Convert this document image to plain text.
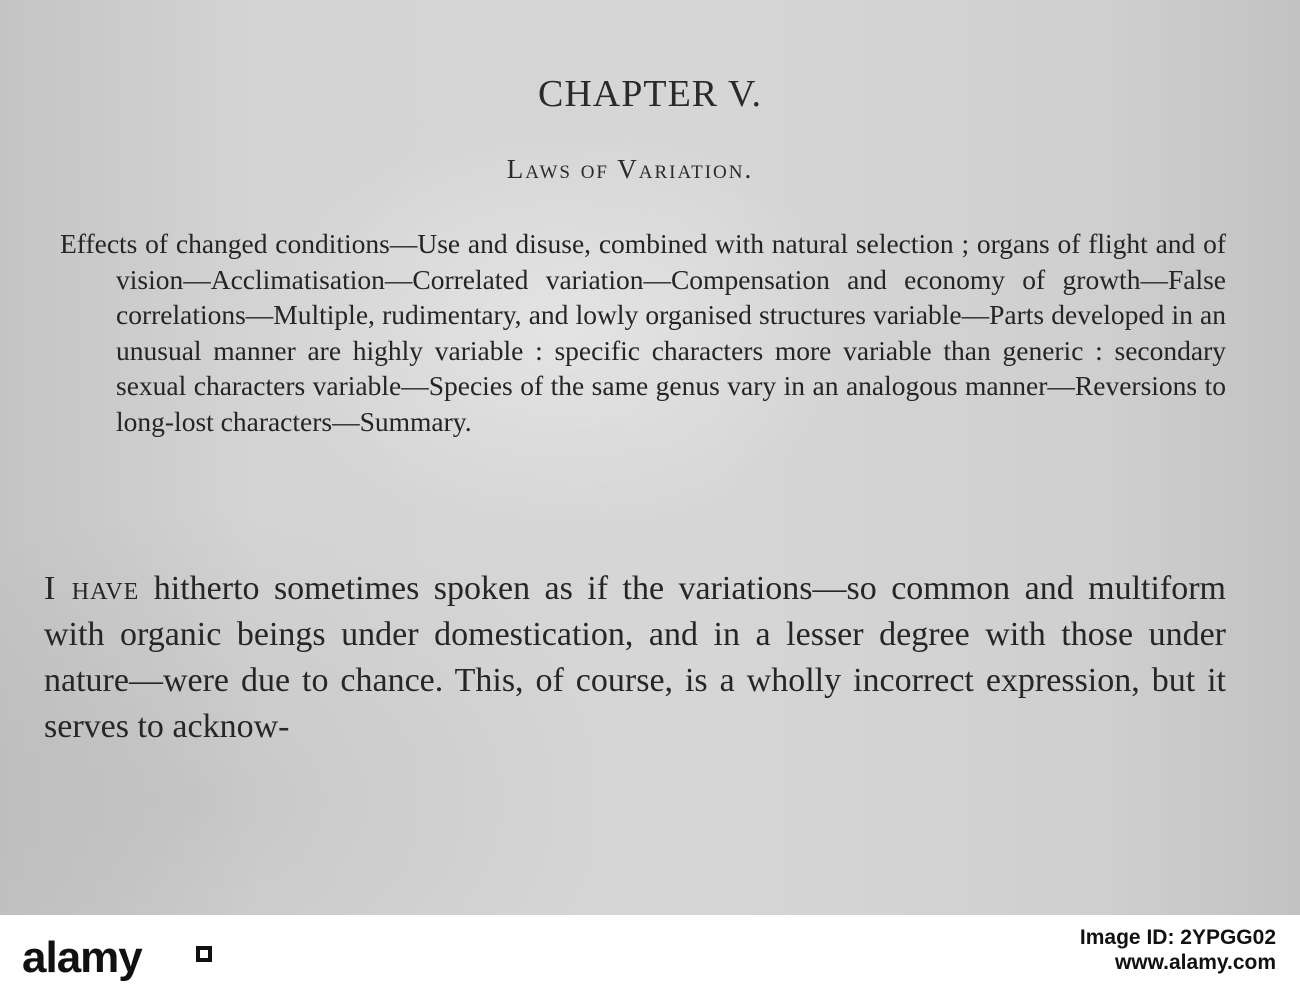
CHAPTER V.
Laws of Variation.

Effects of changed conditions—Use and disuse, combined with natural selection ; organs of flight and of vision—Acclimatisation—Correlated variation—Compensation and economy of growth—False correlations—Multiple, rudimentary, and lowly organised structures variable—Parts developed in an unusual manner are highly variable : specific characters more variable than generic : secondary sexual characters variable—Species of the same genus vary in an analogous manner—Reversions to long-lost characters—Summary.

I have hitherto sometimes spoken as if the variations—so common and multiform with organic beings under domestication, and in a lesser degree with those under nature—were due to chance. This, of course, is a wholly incorrect expression, but it serves to acknow-

alamy	Image ID: 2YPGG02
www.alamy.com
